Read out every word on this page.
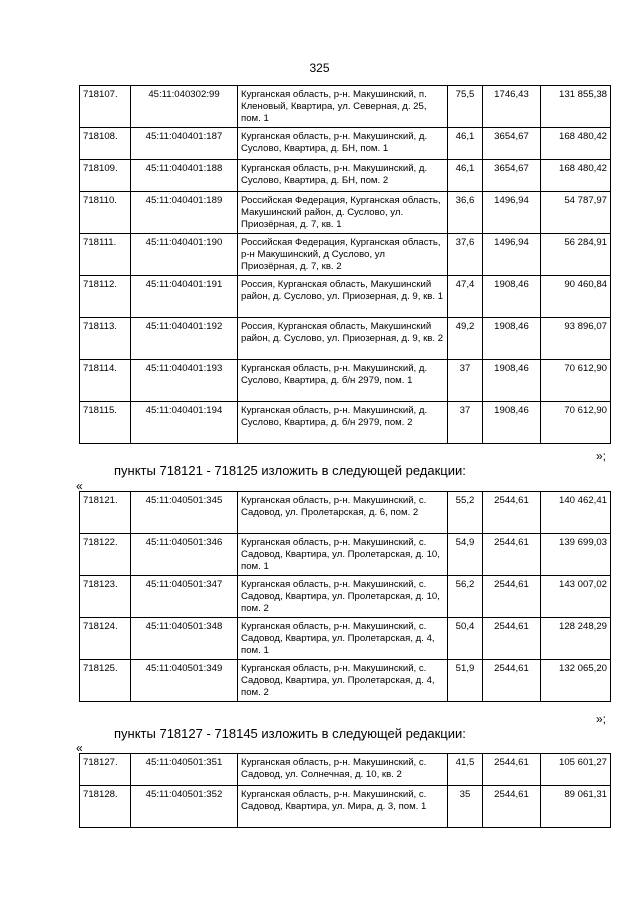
325
718107.	45:11:040302:99	Курганская область, р-н. Макушинский, п. Кленовый, Квартира, ул. Северная, д. 25, пом. 1	75,5	1746,43	131 855,38
718108.	45:11:040401:187	Курганская область, р-н. Макушинский, д. Суслово, Квартира, д. БН, пом. 1	46,1	3654,67	168 480,42
718109.	45:11:040401:188	Курганская область, р-н. Макушинский, д. Суслово, Квартира, д. БН, пом. 2	46,1	3654,67	168 480,42
718110.	45:11:040401:189	Российская Федерация, Курганская область, Макушинский район, д. Суслово, ул. Приозёрная, д. 7, кв. 1	36,6	1496,94	54 787,97
718111.	45:11:040401:190	Российская Федерация, Курганская область, р-н Макушинский, д Суслово, ул Приозёрная, д. 7, кв. 2	37,6	1496,94	56 284,91
718112.	45:11:040401:191	Россия, Курганская область, Макушинский район, д. Суслово, ул. Приозерная, д. 9, кв. 1	47,4	1908,46	90 460,84
718113.	45:11:040401:192	Россия, Курганская область, Макушинский район, д. Суслово, ул. Приозерная, д. 9, кв. 2	49,2	1908,46	93 896,07
718114.	45:11:040401:193	Курганская область, р-н. Макушинский, д. Суслово, Квартира, д. б/н 2979, пом. 1	37	1908,46	70 612,90
718115.	45:11:040401:194	Курганская область, р-н. Макушинский, д. Суслово, Квартира, д. б/н 2979, пом. 2	37	1908,46	70 612,90
»;
пункты 718121 - 718125 изложить в следующей редакции:
«
718121.	45:11:040501:345	Курганская область, р-н. Макушинский, с. Садовод, ул. Пролетарская, д. 6, пом. 2	55,2	2544,61	140 462,41
718122.	45:11:040501:346	Курганская область, р-н. Макушинский, с. Садовод, Квартира, ул. Пролетарская, д. 10, пом. 1	54,9	2544,61	139 699,03
718123.	45:11:040501:347	Курганская область, р-н. Макушинский, с. Садовод, Квартира, ул. Пролетарская, д. 10, пом. 2	56,2	2544,61	143 007,02
718124.	45:11:040501:348	Курганская область, р-н. Макушинский, с. Садовод, Квартира, ул. Пролетарская, д. 4, пом. 1	50,4	2544,61	128 248,29
718125.	45:11:040501:349	Курганская область, р-н. Макушинский, с. Садовод, Квартира, ул. Пролетарская, д. 4, пом. 2	51,9	2544,61	132 065,20
»;
пункты 718127 - 718145 изложить в следующей редакции:
«
718127.	45:11:040501:351	Курганская область, р-н. Макушинский, с. Садовод, ул. Солнечная, д. 10, кв. 2	41,5	2544,61	105 601,27
718128.	45:11:040501:352	Курганская область, р-н. Макушинский, с. Садовод, Квартира, ул. Мира, д. 3, пом. 1	35	2544,61	89 061,31
